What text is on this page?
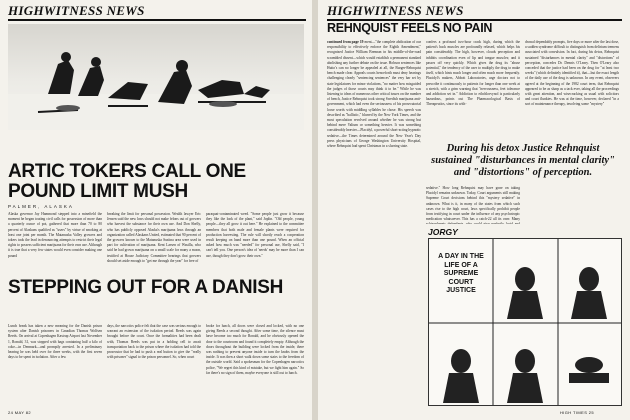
HIGHWITNESS NEWS
ARTIC TOKERS CALL ONE POUND LIMIT MUSH
PALMER, ALASKA
Alaska governor Jay Hammond stepped into a minefield the moment he began touting civil calls for possession of more than a quarterly ounce of pot, gathered that more than 70 to 80 percent of Alaskans qualified as "users" by virtue of smoking at least one joint per month. The Matanuska Valley growers and tokers took the lead in denouncing attempts to restrict their legal rights to possess sufficient marijuana for their own use. Although it is true that a very few states would even consider making one pound
breaking the limit for personal possession. Wealth lawyer Eric Jensen said the new laws should not make felons out of growers who harvest the substance for their own use. And Don Shelly, who has publicly opposed Alaska's marijuana laws through an organization called Alaskans United, estimated that 90 percent of the growers known to the Matanuska Susitna area were used in part for cultivation of marijuana. Kent Larsen of Wasilla, who said he had grown marijuana on a small scale for many a moon, testified at House Judiciary Committee hearings that growers should set aside enough to "get me through the year" for free of
paraquat-contaminated weed. "Some people just grow it because they like the look of the plant," said Joplin. "Old people, young people—they all grow it out here." He explained to the committee members that both male and female plants were required for production harvesting. The rule will shortly reach a cooperation result keeping on hand more than one pound. When an official asked how much was "needed" for personal use, Shelly said, "I can't tell you. One person's idea of 'needs' may be more than I can use, though they don't grow their own."
STEPPING OUT FOR A DANISH
Lunch break has taken a new meaning for the Danish prison system after Danish prisoners in Canadian Thomas Wolfsen Reeds. On arrival at Copenhagen Kastrup Airport last November 1, Ronald, 31, was stopped with bags containing half a kilo of coke—in Denmark—and promptly arrested. In a preliminary hearing he was held over for three weeks, with the first seven days to be spent in isolation. After a few
days, the narcotics police felt that the case was serious enough to warrant an extension of the isolation period. Reeds was again brought before the court. Once the formalities had been dealt with, Thomas Reeds was put in a holding cell to await transportation back to the prison where the isolation had told the prosecutor that he had to push a real button to give the "really with prisoner" signal to the prison personnel. So, when court
broke for lunch, all doors were closed and locked, with no one giving Reeds a second thought. After some time, the silence must have become too much for Ronald, and he obviously opened the door to the courtroom and found it completely empty. Although the doors throughout the building were locked from the inside, there was nothing to prevent anyone inside to turn the knobs from the inside. It was then a short walk down some stairs to the freedom of the outside world. Said a spokesman for the Copenhagen narcotics police, "We regret this kind of mistake, but we fight him again." So far there's no sign of them, maybe everyone is still out to lunch.
24 MAY 82
HIGHWITNESS NEWS
REHNQUIST FEELS NO PAIN
continued from page 19 ment—"the complete abdication of our responsibility to effectively enforce the Eighth Amendment," recognized Justice William Brennan in his middle-of-the-road scrambled dissent—which would establish a permanent standard abolishing any further debate on the issue. Hobson sentences like Hutto's can no longer be appealed at all, the Burger-Rehnquist bench made clear. Appeals courts henceforth must deny hearings challenging clearly "sentencing sentences" the very bar set by state legislatures for minor violations, "no matter how misguided the judges of those courts may think it to be." While he was listening to ideas of numerous other critical issues on the number of bench, Justice Rehnquist took strong Swedish marijuana anti-government, which had even the seriousness of his prosecutorial loose words with middling syllables he chose. His speech was described as "ballistic," blurred by the New York Times, and the most speculation revolved around whether he was strong but behind mere Valium or something heavier. It was something considerably heavier—Placidyl, a powerful short-acting hypnotic sedative—the Times determined around the New Year's Day press physicians of George Washington University Hospital, where Rehnquist had spent Christmas in a slurring state.
confers a profound two-hour crack high, during which the patient's back muscles are profoundly relaxed, which helps his pain considerably. The high, however, clouds perception and inhibits coordination even of lip and tongue muscles; and it passes off very quickly. Which gives the drug its "abuse potential," the tendency of the user to multiply the drug to make itself, which hints much longer and often much more frequently. Placidyl's makers, Abbott Laboratories, urge doctors not to prescribe it continuously to patients for longer than one week at a stretch, with a grim warning that "nervousness, feet tolerance and addiction set in." Addiction to ethchlorvynol is particularly hazardous, points out The Pharmacological Basis of Therapeutics, since its with-
drawal dependably prompts, five days or more after the last dose, a sudden syndrome difficult to distinguish from delirium tremens associated with convulsion. In fact, during his detox, Rehnquist sustained "disturbances in mental clarity" and "distortions" of perception, concedes Dr. Dennis O'Leary. Then O'Leary also conceded that the justice had been on the drug for "at least two weeks" (which definitely identified it), that—but the exact length of the daily use of the drug is unknown. In any event, observers agreed at the beginning of the 1982 court term, that Rehnquist appeared to be as sharp as a tack ever, taking all the proceedings with great attention, and wisecracking as usual with solicitors and court flunkies. He was at the time, however, declared "in a sort of maintenance therapy, involving some "mystery"
During his detox Justice Rehnquist sustained "disturbances in mental clarity" and "distortions" of perception.
sedative." How long Rehnquist may have gone on taking Placidyl remains unknown. Today, Court arguments still making Supreme Court decisions behind this "mystery sedative" in unknown. What is it, in many of the states from which such cases rise to the high court, laws specifically prohibit people from testifying in court under the influence of any psychotropic medication whatsoever. This has a catch-22 all its own: Many
JORGY
A DAY IN THE LIFE OF A SUPREME COURT JUSTICE
HIGH TIMES 25
